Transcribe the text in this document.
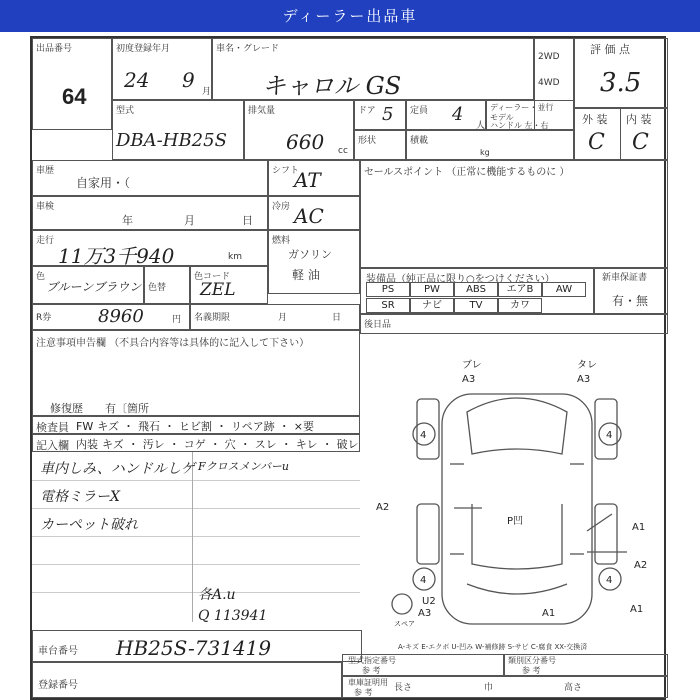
ディーラー出品車
出品番号
64
初度登録年月
24 9 月
車名・グレード
キャロル GS
2WD
4WD
評 価 点
3.5
型式
DBA-HB25S
排気量
660 cc
ドア 5 定員 4
人
ディーラー・並行
モデル
ハンドル 左・右
形状	積載
kg
外 装 内 装
C C
車歴
自家用・（
シフト
AT
車検
年	月	日
冷房 AC
走行
11万3千940	km
燃料
ガソリン
軽 油
色
ブルーンブラウン 色替
色コード
ZEL
R券	8960	円 名義期限	月	日
セールスポイント （正常に機能するものに ）
装備品（純正品に限り○をつけください）
PS	PW	ABS	エアB	AW
SR	ナビ	TV	カワ
新車保証書
有・無
後日品
注意事項申告欄 （不具合内容等は具体的に記入して下さい）
修復歴　　有〔箇所
検査員 FW キズ ・ 飛石 ・ ヒビ割 ・ リペア跡 ・ ×要
記入欄 内装 キズ ・ 汚レ ・ コゲ ・ 穴 ・ スレ ・ キレ ・ 破レ
車内しみ、ハンドルしゲ
電格ミラーX
カーペット破れ
Fクロスメンバーu
各A.u
Q 113941
車台番号 HB25S-731419
登録番号
型式指定番号
参 考
類別区分番号
参 考
車庫証明用
参 考 長さ	巾	高さ
A-キズ E-エクボ U-凹み W-補修跡 S-サビ C-腐食 XX-交換済
ブレ
A3
タレ
A3
A2
A1
A2
A1
A1
U2
A3
4	4
4	4
P凹
スペア
